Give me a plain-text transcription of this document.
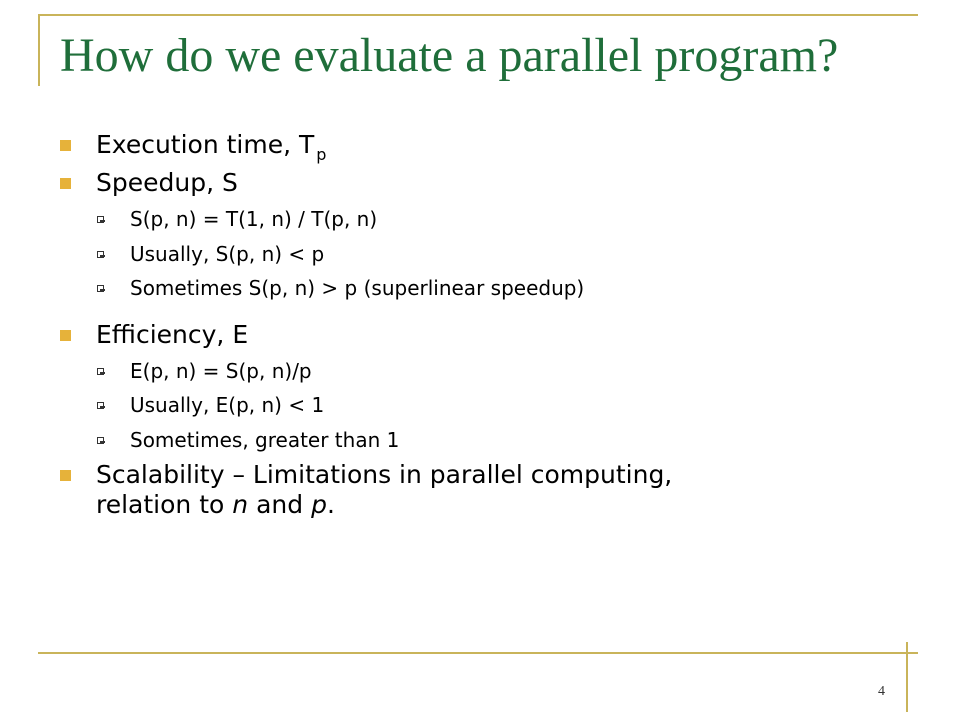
How do we evaluate a parallel program?
Execution time, T $_p$
Speedup, S
S(p, n) = T(1, n) / T(p, n)
Usually, S(p, n) < p
Sometimes S(p, n) > p (superlinear speedup)
Efficiency, E
E(p, n) = S(p, n)/p
Usually, E(p, n) < 1
Sometimes, greater than 1
Scalability – Limitations in parallel computing,
relation to n and p.
4
